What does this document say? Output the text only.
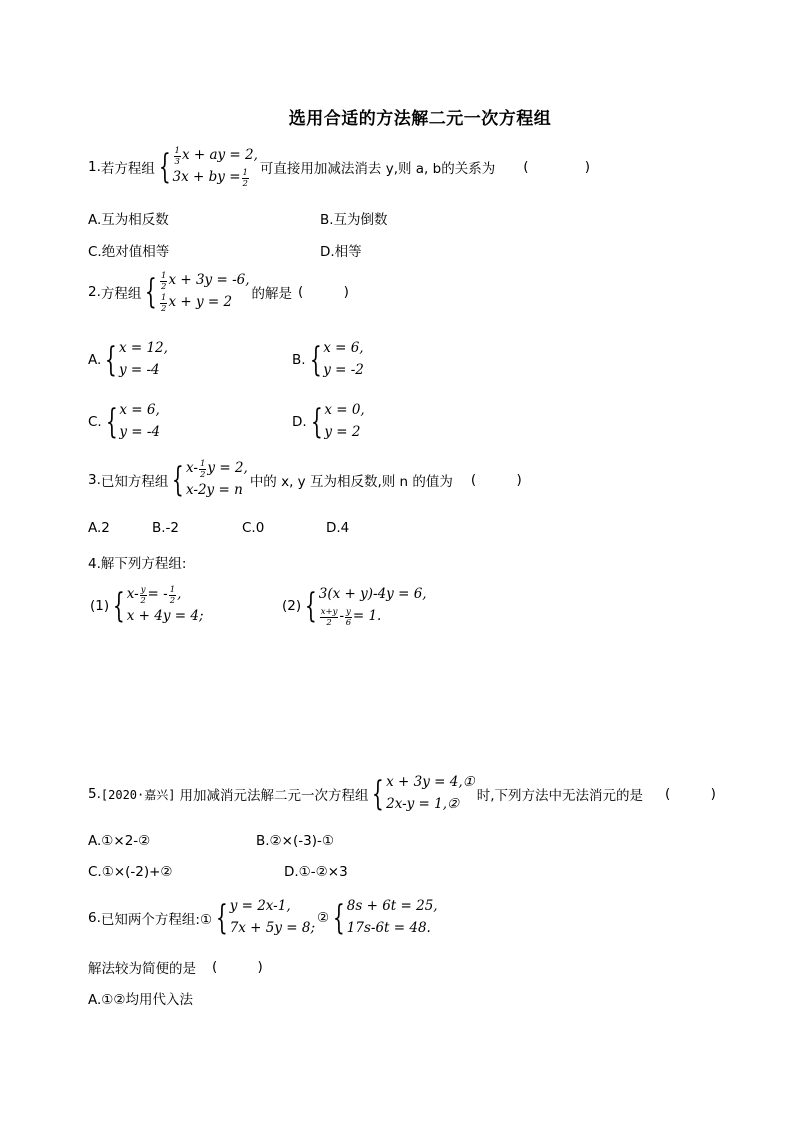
选用合适的方法解二元一次方程组
1. 若方程组 { $\frac{1}{3}$ x + ay = 2,
3x + by = $\frac{1}{2}$ 可直接用加减法消去 y,则 a, b的关系为 ( )
A.互为相反数	B.互为倒数
C.绝对值相等	D.相等
2. 方程组 { $\frac{1}{2}$ x + 3y = -6,
$\frac{1}{2}$ x + y = 2
的解是 ( )
A. { x = 12,
y = -4
B. { x = 6,
y = -2
C. { x = 6,
y = -4
D. { x = 0,
y = 2
3. 已知方程组 { $x- \frac{1}{2}$ y = 2,
x-2y = n
中的 x, y 互为相反数,则 n 的值为 ( )
A.2	B.-2	C.0	D.4
4.解下列方程组:
(1) { $x- \frac{y}{2}$ = - $\frac{1}{2}$ ,
x + 4y = 4;
(2) { 3(x + y)-4y = 6,
$\frac{x+y}{2} - \frac{y}{6} = 1$.
5. [2020·嘉兴] 用加减消元法解二元一次方程组 { x + 3y = 4,①
2x-y = 1,②
时,下列方法中无法消元的是 ( )
A.①×2-②	B.②×(-3)-①
C.①×(-2)+②	D.①-②×3
6. 已知两个方程组:① { y = 2x-1,
7x + 5y = 8;
② { 8s + 6t = 25,
17s-6t = 48.
解法较为简便的是 ( )
A.①②均用代入法
